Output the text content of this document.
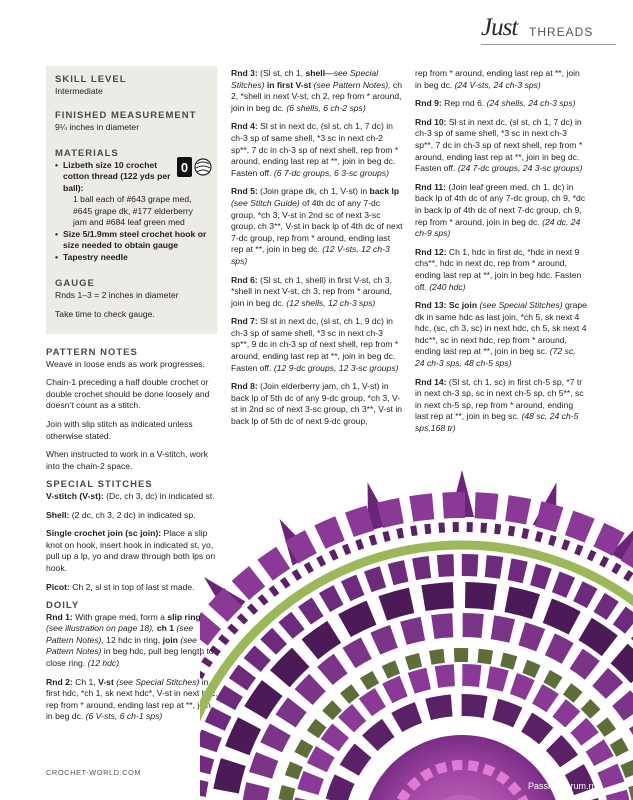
Just THREADS

SKILL LEVEL

Intermediate

FINISHED MEASUREMENT

9¼ inches in diameter

MATERIALS

• Lizbeth size 10 crochet cotton thread (122 yds per ball):
1 ball each of #643 grape med, #645 grape dk, #177 elderberry jam and #684 leaf green med
• Size 5/1.9mm steel crochet hook or size needed to obtain gauge
• Tapestry needle
0

GAUGE

Rnds 1–3 = 2 inches in diameter

Take time to check gauge.

PATTERN NOTES

Weave in loose ends as work progresses.

Chain-1 preceding a half double crochet or double crochet should be done loosely and doesn’t count as a stitch.

Join with slip stitch as indicated unless otherwise stated.

When instructed to work in a V-stitch, work into the chain-2 space.

SPECIAL STITCHES

V-stitch (V-st): (Dc, ch 3, dc) in indicated st.

Shell: (2 dc, ch 3, 2 dc) in indicated sp.

Single crochet join (sc join): Place a slip knot on hook, insert hook in indicated st, yo, pull up a lp, yo and draw through both lps on hook.

Picot: Ch 2, sl st in top of last st made.

DOILY

Rnd 1: With grape med, form a slip ring (see illustration on page 18), ch 1 (see Pattern Notes), 12 hdc in ring, join (see Pattern Notes) in beg hdc, pull beg length to close ring. (12 hdc)

Rnd 2: Ch 1, V-st (see Special Stitches) in first hdc, *ch 1, sk next hdc*, V-st in next hdc, rep from * around, ending last rep at **, join in beg dc. (6 V-sts, 6 ch-1 sps)

Rnd 3: (Sl st, ch 1, shell—see Special Stitches) in first V-st (see Pattern Notes), ch 2, *shell in next V-st, ch 2, rep from * around, join in beg dc. (6 shells, 6 ch-2 sps)

Rnd 4: Sl st in next dc, (sl st, ch 1, 7 dc) in ch-3 sp of same shell, *3 sc in next ch-2 sp**, 7 dc in ch-3 sp of next shell, rep from * around, ending last rep at **, join in beg dc. Fasten off. (6 7-dc groups, 6 3-sc groups)

Rnd 5: (Join grape dk, ch 1, V-st) in back lp (see Stitch Guide) of 4th dc of any 7-dc group, *ch 3, V-st in 2nd sc of next 3-sc group, ch 3**, V-st in back lp of 4th dc of next 7-dc group, rep from * around, ending last rep at **, join in beg dc. (12 V-sts, 12 ch-3 sps)

Rnd 6: (Sl st, ch 1, shell) in first V-st, ch 3, *shell in next V-st, ch 3, rep from * around, join in beg dc. (12 shells, 12 ch-3 sps)

Rnd 7: Sl st in next dc, (sl st, ch 1, 9 dc) in ch-3 sp of same shell, *3 sc in next ch-3 sp**, 9 dc in ch-3 sp of next shell, rep from * around, ending last rep at **, join in beg dc. Fasten off. (12 9-dc groups, 12 3-sc groups)

Rnd 8: (Join elderberry jam, ch 1, V-st) in back lp of 5th dc of any 9-dc group, *ch 3, V-st in 2nd sc of next 3-sc group, ch 3**, V-st in back lp of 5th dc of next 9-dc group,

rep from * around, ending last rep at **, join in beg dc. (24 V-sts, 24 ch-3 sps)

Rnd 9: Rep rnd 6. (24 shells, 24 ch-3 sps)

Rnd 10: Sl st in next dc, (sl st, ch 1, 7 dc) in ch-3 sp of same shell, *3 sc in next ch-3 sp**, 7 dc in ch-3 sp of next shell, rep from * around, ending last rep at **, join in beg dc. Fasten off. (24 7-dc groups, 24 3-sc groups)

Rnd 11: (Join leaf green med, ch 1, dc) in back lp of 4th dc of any 7-dc group, ch 9, *dc in back lp of 4th dc of next 7-dc group, ch 9, rep from * around, join in beg dc. (24 dc, 24 ch-9 sps)

Rnd 12: Ch 1, hdc in first dc, *hdc in next 9 chs**, hdc in next dc, rep from * around, ending last rep at **, join in beg hdc. Fasten off. (240 hdc)

Rnd 13: Sc join (see Special Stitches) grape dk in same hdc as last join, *ch 5, sk next 4 hdc, (sc, ch 3, sc) in next hdc, ch 5, sk next 4 hdc**, sc in next hdc, rep from * around, ending last rep at **, join in beg sc. (72 sc, 24 ch-3 sps, 48 ch-5 sps)

Rnd 14: (Sl st, ch 1, sc) in first ch-5 sp, *7 tr in next ch-3 sp, sc in next ch-5 sp, ch 5**, sc in next ch-5 sp, rep from * around, ending last rep at **, join in beg sc. (48 sc, 24 ch-5 sps,168 tr)

CROCHET-WORLD.COM
PassionForum.ru
